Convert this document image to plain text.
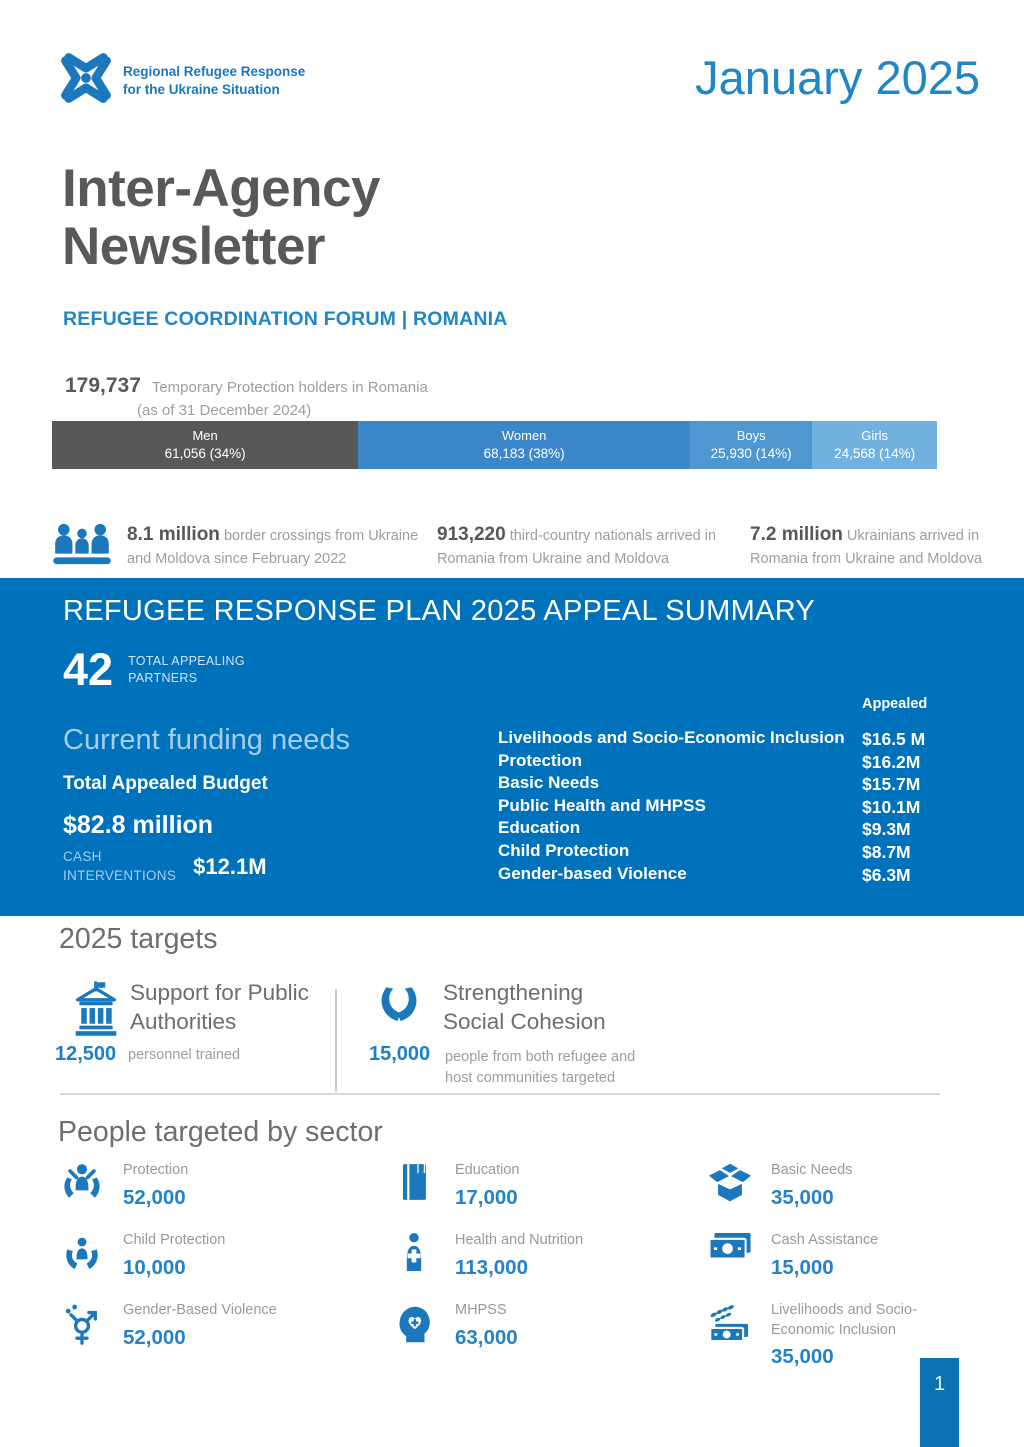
Regional Refugee Response
for the Ukraine Situation	January 2025
Inter-Agency
Newsletter
REFUGEE COORDINATION FORUM | ROMANIA
179,737 Temporary Protection holders in Romania
(as of 31 December 2024)
Men
61,056 (34%)
Women
68,183 (38%)
Boys
25,930 (14%)
Girls
24,568 (14%)
8.1 million border crossings from Ukraine and Moldova since February 2022
913,220 third-country nationals arrived in Romania from Ukraine and Moldova
7.2 million Ukrainians arrived in Romania from Ukraine and Moldova
REFUGEE RESPONSE PLAN 2025 APPEAL SUMMARY
42 TOTAL APPEALING
PARTNERS
Current funding needs
Total Appealed Budget
$82.8 million
CASH
INTERVENTIONS $12.1M
Appealed
Livelihoods and Socio-Economic Inclusion $16.5 M
Protection	$16.2M
Basic Needs	$15.7M
Public Health and MHPSS	$10.1M
Education	$9.3M
Child Protection	$8.7M
Gender-based Violence	$6.3M
2025 targets
Support for Public Authorities
12,500 personnel trained
Strengthening Social Cohesion
15,000 people from both refugee and host communities targeted
People targeted by sector
Protection
52,000
Education
17,000
Basic Needs
35,000
Child Protection
10,000
Health and Nutrition
113,000
Cash Assistance
15,000
Gender-Based Violence
52,000
MHPSS
63,000
Livelihoods and Socio-Economic Inclusion
35,000
1
